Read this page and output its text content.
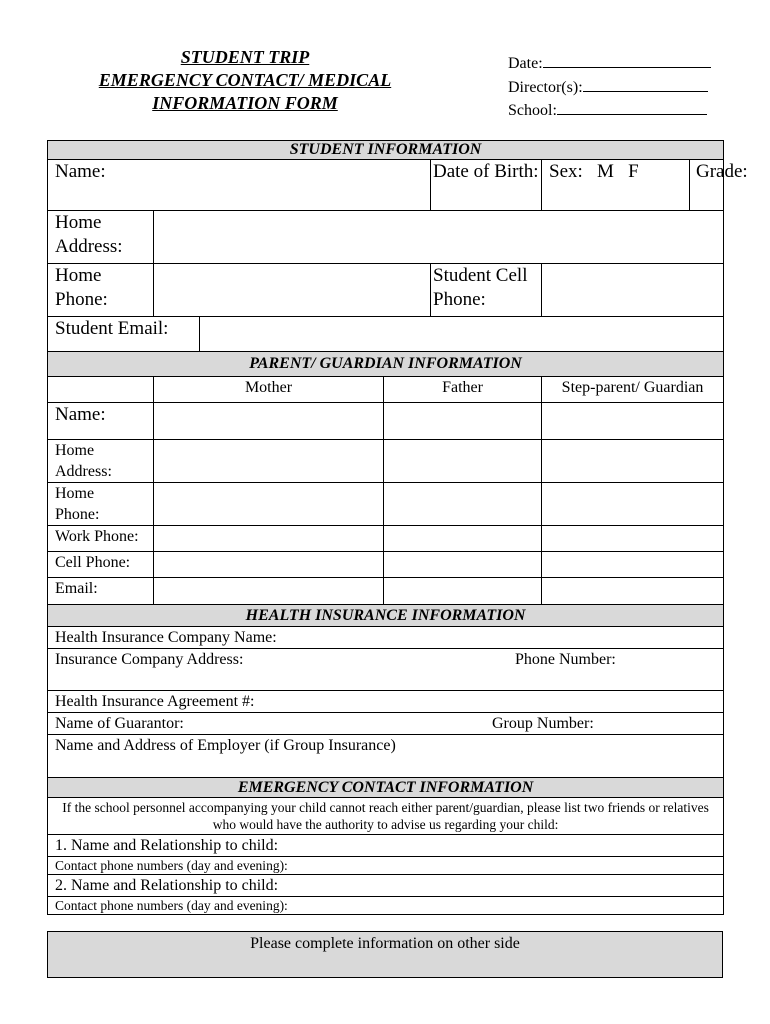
STUDENT TRIP
EMERGENCY CONTACT/ MEDICAL
INFORMATION FORM
Date:
Director(s):
School:
STUDENT INFORMATION						
Name:				Date of Birth:	Sex:   M   F	Grade:
Home
Address:						
Home
Phone:				Student Cell
Phone:		
Student Email:						
PARENT/ GUARDIAN INFORMATION						
	Mother		Father		Step-parent/ Guardian	
Name:						
Home
Address:						
Home
Phone:						
Work Phone:						
Cell Phone:						
Email:						
HEALTH INSURANCE INFORMATION						
Health Insurance Company Name:						
Insurance Company Address: Phone Number:						

Health Insurance Agreement #:						
Name of Guarantor: Group Number:						

Name and Address of Employer (if Group Insurance)						
EMERGENCY CONTACT INFORMATION						
If the school personnel accompanying your child cannot reach either parent/guardian, please list two friends or relatives who would have the authority to advise us regarding your child:						
1. Name and Relationship to child:						
Contact phone numbers (day and evening):						
2. Name and Relationship to child:						
Contact phone numbers (day and evening):						
Please complete information on other side
